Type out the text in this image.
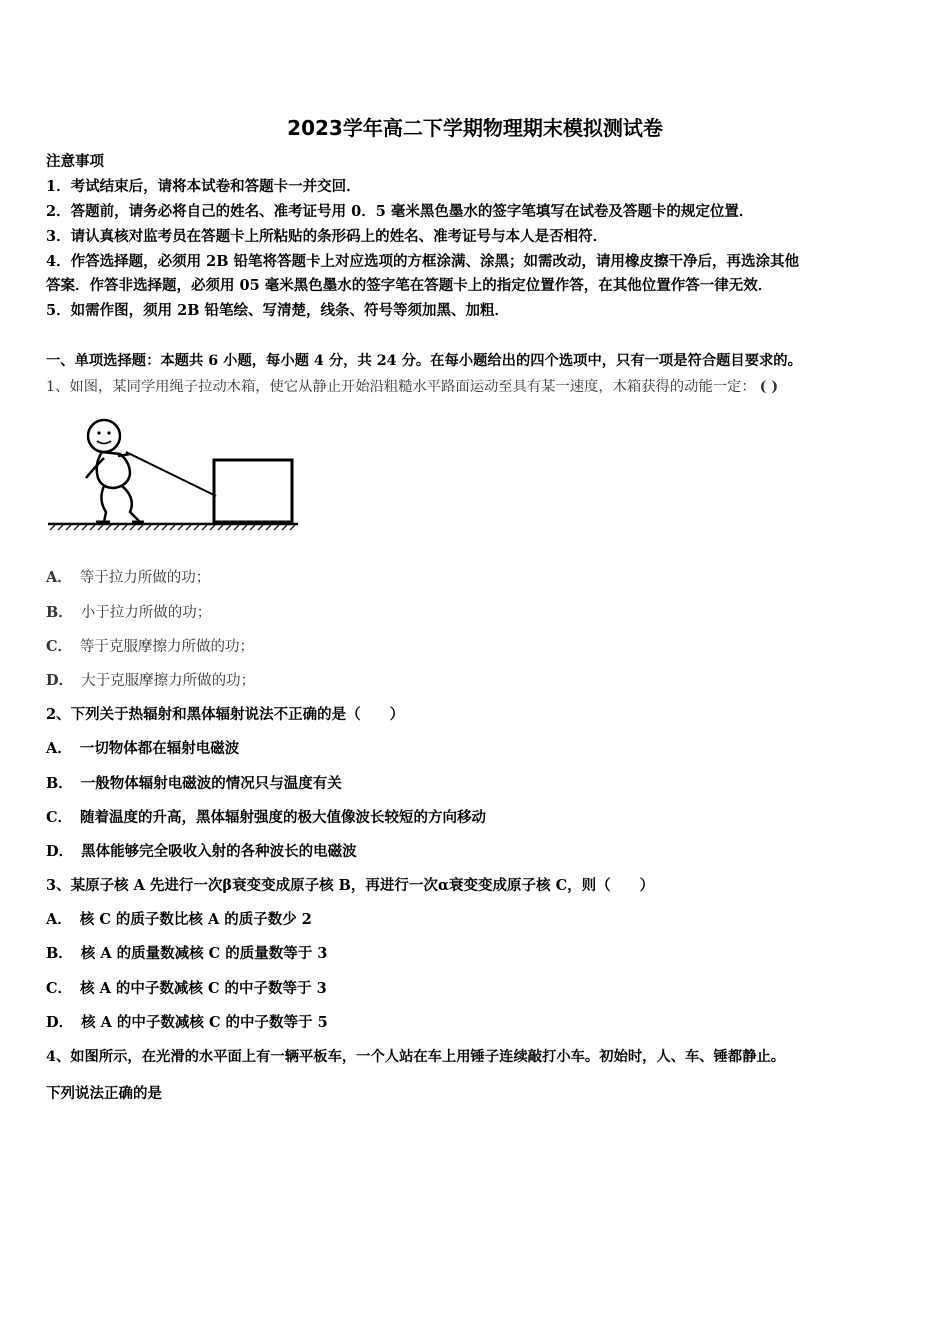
2023学年高二下学期物理期末模拟测试卷
注意事项
1．考试结束后，请将本试卷和答题卡一并交回．
2．答题前，请务必将自己的姓名、准考证号用 0．5 毫米黑色墨水的签字笔填写在试卷及答题卡的规定位置．
3．请认真核对监考员在答题卡上所粘贴的条形码上的姓名、准考证号与本人是否相符．
4．作答选择题，必须用 2B 铅笔将答题卡上对应选项的方框涂满、涂黑；如需改动，请用橡皮擦干净后，再选涂其他
答案．作答非选择题，必须用 05 毫米黑色墨水的签字笔在答题卡上的指定位置作答，在其他位置作答一律无效．
5．如需作图，须用 2B 铅笔绘、写清楚，线条、符号等须加黑、加粗．
一、单项选择题：本题共 6 小题，每小题 4 分，共 24 分。在每小题给出的四个选项中，只有一项是符合题目要求的。
1、如图，某同学用绳子拉动木箱，使它从静止开始沿粗糙水平路面运动至具有某一速度，木箱获得的动能一定： ( )
A． 等于拉力所做的功；
B． 小于拉力所做的功；
C． 等于克服摩擦力所做的功；
D． 大于克服摩擦力所做的功；
2、下列关于热辐射和黑体辐射说法不正确的是（　　）
A． 一切物体都在辐射电磁波
B． 一般物体辐射电磁波的情况只与温度有关
C． 随着温度的升高，黑体辐射强度的极大值像波长较短的方向移动
D． 黑体能够完全吸收入射的各种波长的电磁波
3、某原子核 A 先进行一次β衰变变成原子核 B，再进行一次α衰变变成原子核 C，则（　　）
A． 核 C 的质子数比核 A 的质子数少 2
B． 核 A 的质量数减核 C 的质量数等于 3
C． 核 A 的中子数减核 C 的中子数等于 3
D． 核 A 的中子数减核 C 的中子数等于 5
4、如图所示，在光滑的水平面上有一辆平板车，一个人站在车上用锤子连续敲打小车。初始时，人、车、锤都静止。
下列说法正确的是
